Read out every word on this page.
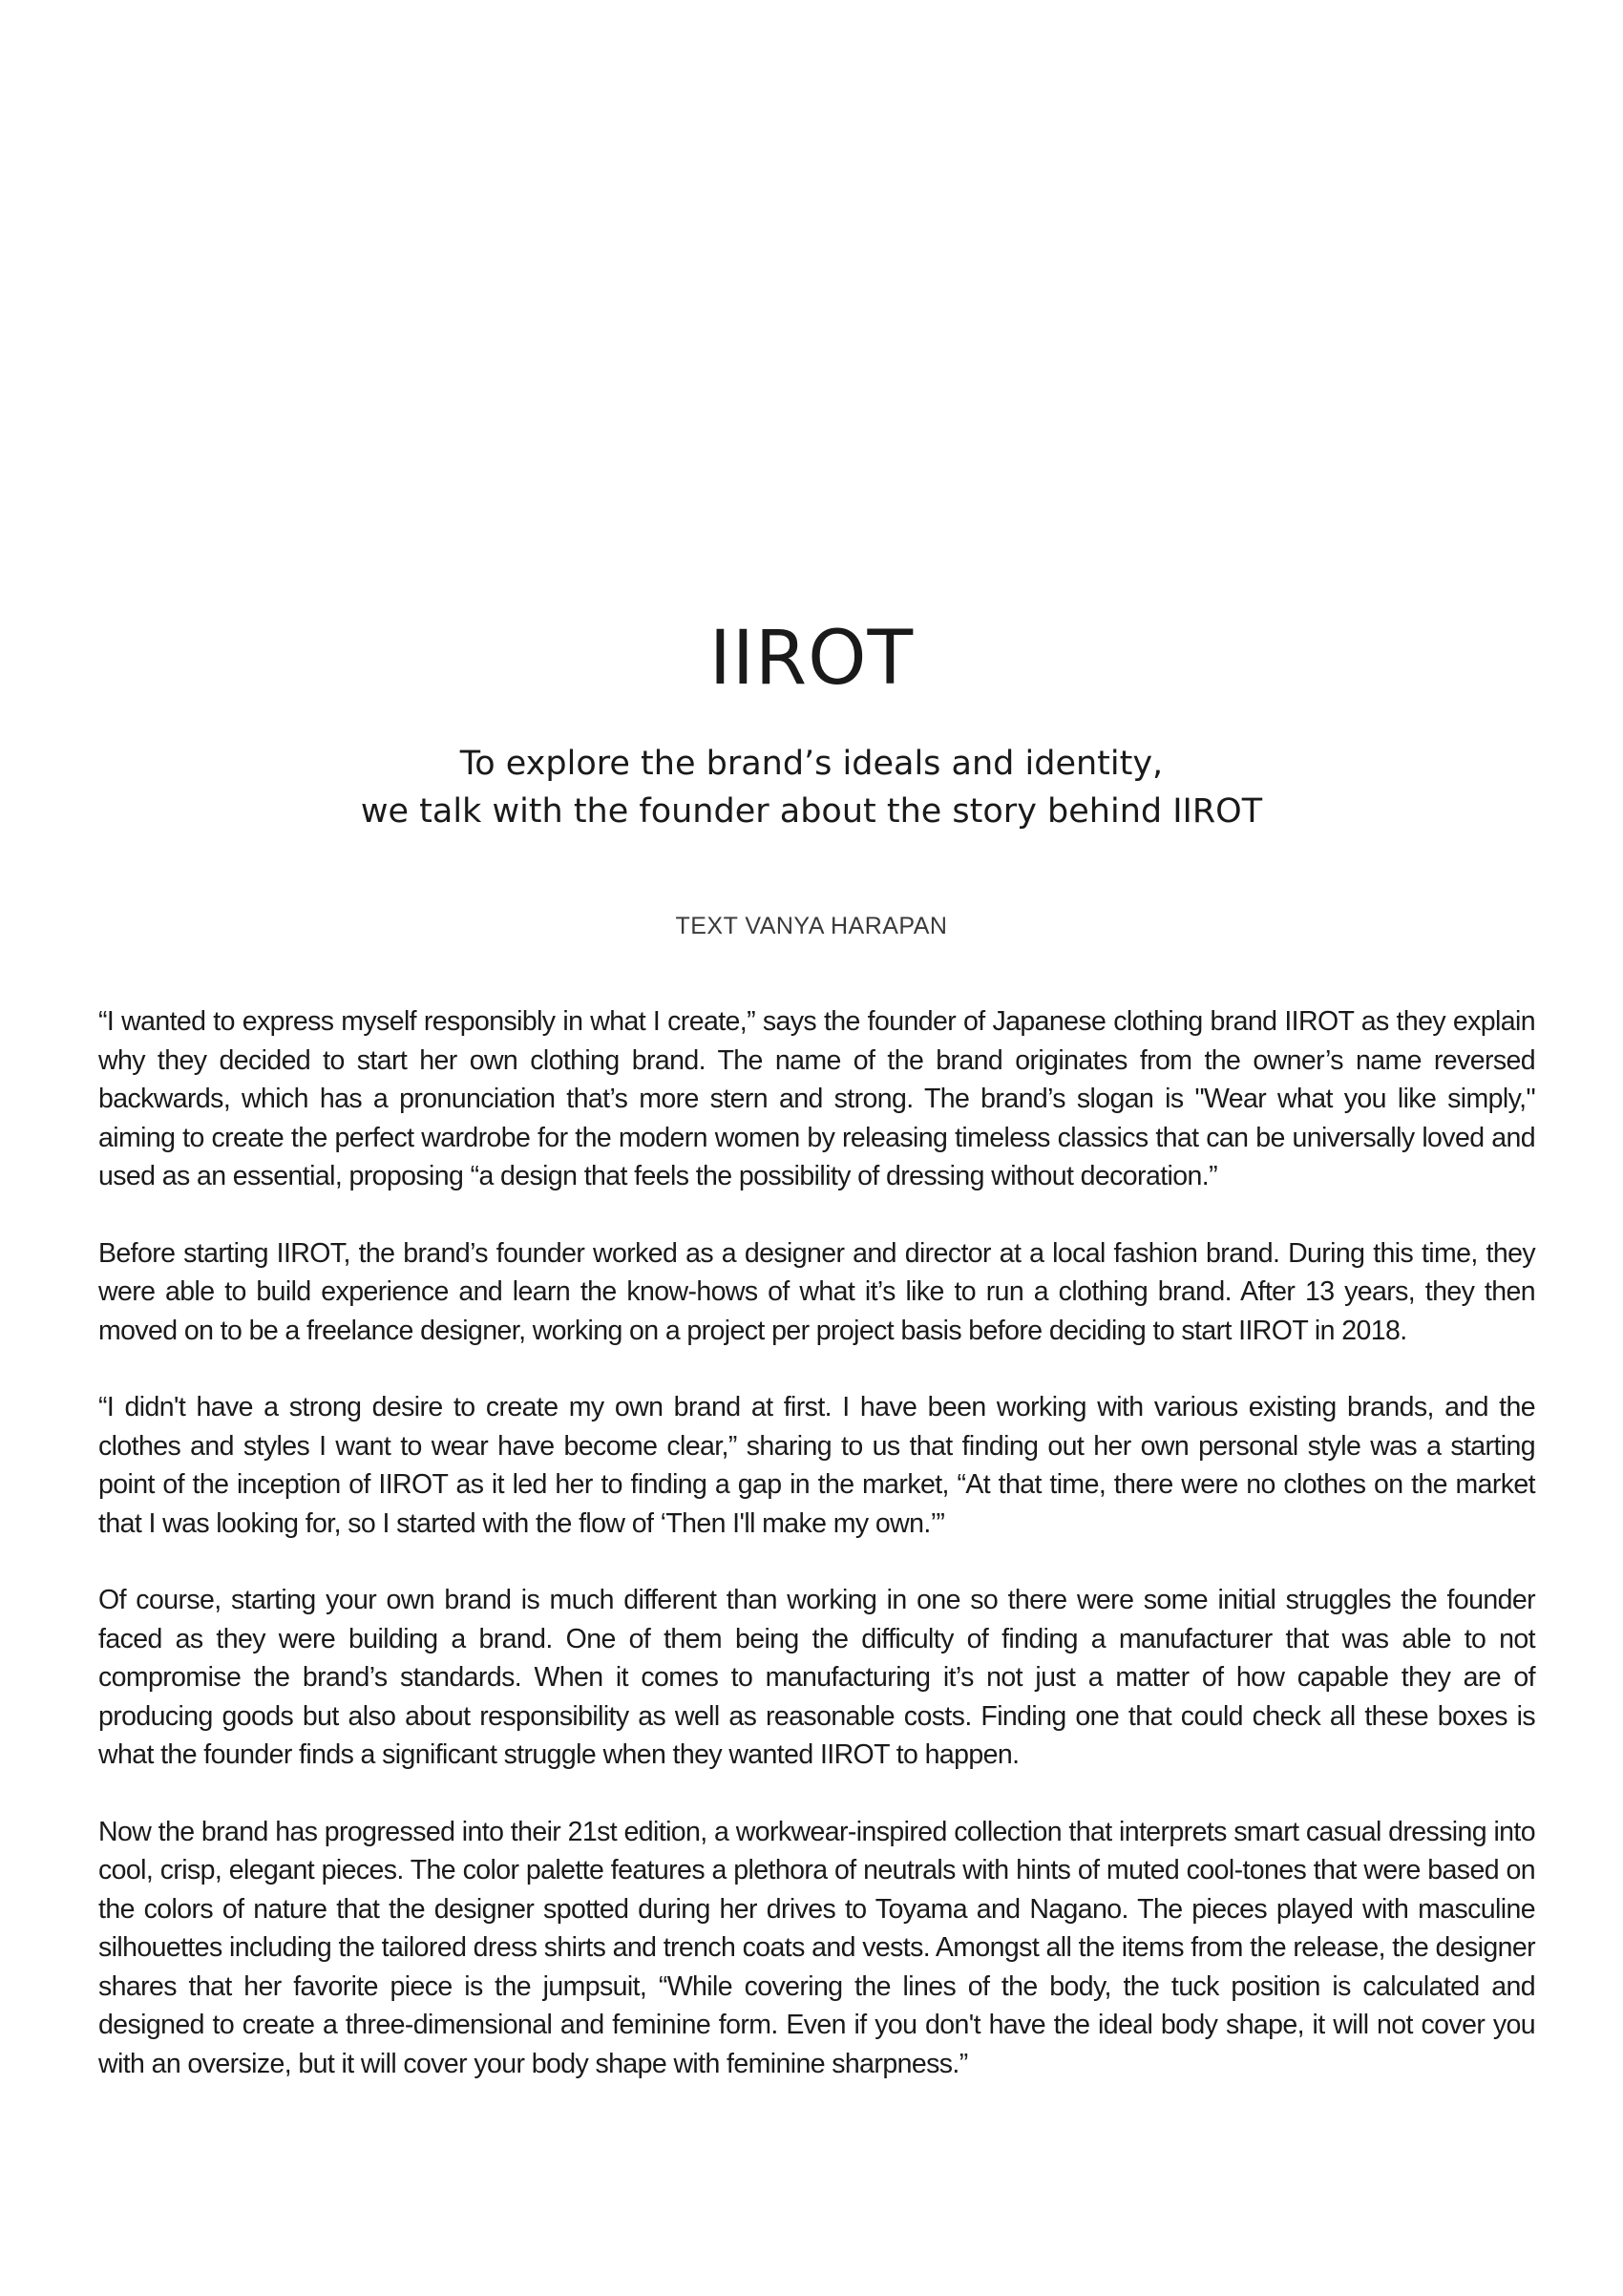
IIROT
To explore the brand’s ideals and identity,
we talk with the founder about the story behind IIROT
TEXT VANYA HARAPAN

“I wanted to express myself responsibly in what I create,” says the founder of Japanese clothing brand IIROT as they explain why they decided to start her own clothing brand. The name of the brand originates from the owner’s name reversed backwards, which has a pronunciation that’s more stern and strong. The brand’s slogan is "Wear what you like simply," aiming to create the perfect wardrobe for the modern women by releasing timeless classics that can be universally loved and used as an essential, proposing “a design that feels the possibility of dressing without decoration.”

Before starting IIROT, the brand’s founder worked as a designer and director at a local fashion brand. During this time, they were able to build experience and learn the know-hows of what it’s like to run a clothing brand. After 13 years, they then moved on to be a freelance designer, working on a project per project basis before deciding to start IIROT in 2018.

“I didn't have a strong desire to create my own brand at first. I have been working with various existing brands, and the clothes and styles I want to wear have become clear,” sharing to us that finding out her own personal style was a starting point of the inception of IIROT as it led her to finding a gap in the market, “At that time, there were no clothes on the market that I was looking for, so I started with the flow of ‘Then I'll make my own.’”

Of course, starting your own brand is much different than working in one so there were some initial struggles the founder faced as they were building a brand. One of them being the difficulty of finding a manufacturer that was able to not compromise the brand’s standards. When it comes to manufacturing it’s not just a matter of how capable they are of producing goods but also about responsibility as well as reasonable costs. Finding one that could check all these boxes is what the founder finds a significant struggle when they wanted IIROT to happen.

Now the brand has progressed into their 21st edition, a workwear-inspired collection that interprets smart casual dressing into cool, crisp, elegant pieces. The color palette features a plethora of neutrals with hints of muted cool-tones that were based on the colors of nature that the designer spotted during her drives to Toyama and Nagano. The pieces played with masculine silhouettes including the tailored dress shirts and trench coats and vests. Amongst all the items from the release, the designer shares that her favorite piece is the jumpsuit, “While covering the lines of the body, the tuck position is calculated and designed to create a three-dimensional and feminine form. Even if you don't have the ideal body shape, it will not cover you with an oversize, but it will cover your body shape with feminine sharpness.”
